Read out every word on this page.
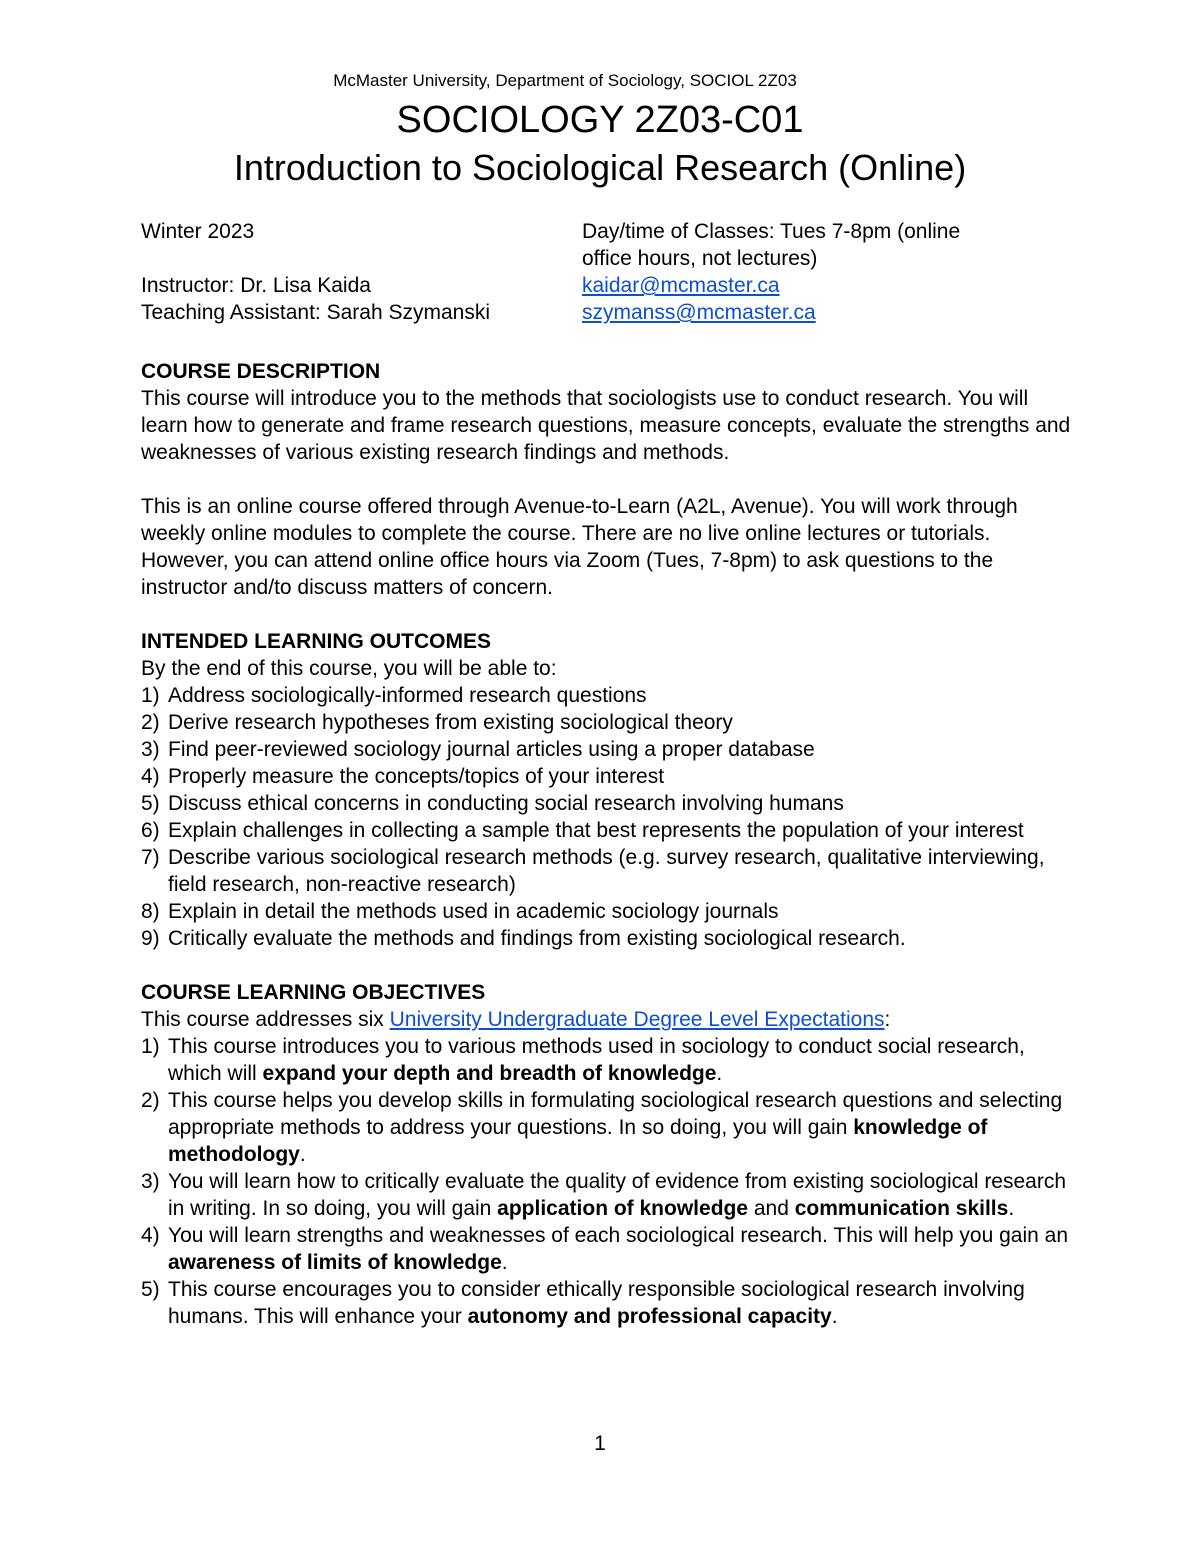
McMaster University, Department of Sociology, SOCIOL 2Z03
SOCIOLOGY 2Z03-C01
Introduction to Sociological Research (Online)
Winter 2023	Day/time of Classes: Tues 7-8pm (online
office hours, not lectures)
Instructor: Dr. Lisa Kaida	kaidar@mcmaster.ca
Teaching Assistant: Sarah Szymanski	szymanss@mcmaster.ca
COURSE DESCRIPTION

This course will introduce you to the methods that sociologists use to conduct research. You will learn how to generate and frame research questions, measure concepts, evaluate the strengths and weaknesses of various existing research findings and methods.

This is an online course offered through Avenue-to-Learn (A2L, Avenue). You will work through weekly online modules to complete the course. There are no live online lectures or tutorials. However, you can attend online office hours via Zoom (Tues, 7-8pm) to ask questions to the instructor and/to discuss matters of concern.

INTENDED LEARNING OUTCOMES

By the end of this course, you will be able to:

1) Address sociologically-informed research questions
2) Derive research hypotheses from existing sociological theory
3) Find peer-reviewed sociology journal articles using a proper database
4) Properly measure the concepts/topics of your interest
5) Discuss ethical concerns in conducting social research involving humans
6) Explain challenges in collecting a sample that best represents the population of your interest
7) Describe various sociological research methods (e.g. survey research, qualitative interviewing, field research, non-reactive research)
8) Explain in detail the methods used in academic sociology journals
9) Critically evaluate the methods and findings from existing sociological research.
COURSE LEARNING OBJECTIVES

This course addresses six University Undergraduate Degree Level Expectations:

1) This course introduces you to various methods used in sociology to conduct social research, which will expand your depth and breadth of knowledge.
2) This course helps you develop skills in formulating sociological research questions and selecting appropriate methods to address your questions. In so doing, you will gain knowledge of methodology.
3) You will learn how to critically evaluate the quality of evidence from existing sociological research in writing. In so doing, you will gain application of knowledge and communication skills.
4) You will learn strengths and weaknesses of each sociological research. This will help you gain an awareness of limits of knowledge.
5) This course encourages you to consider ethically responsible sociological research involving humans. This will enhance your autonomy and professional capacity.
1
